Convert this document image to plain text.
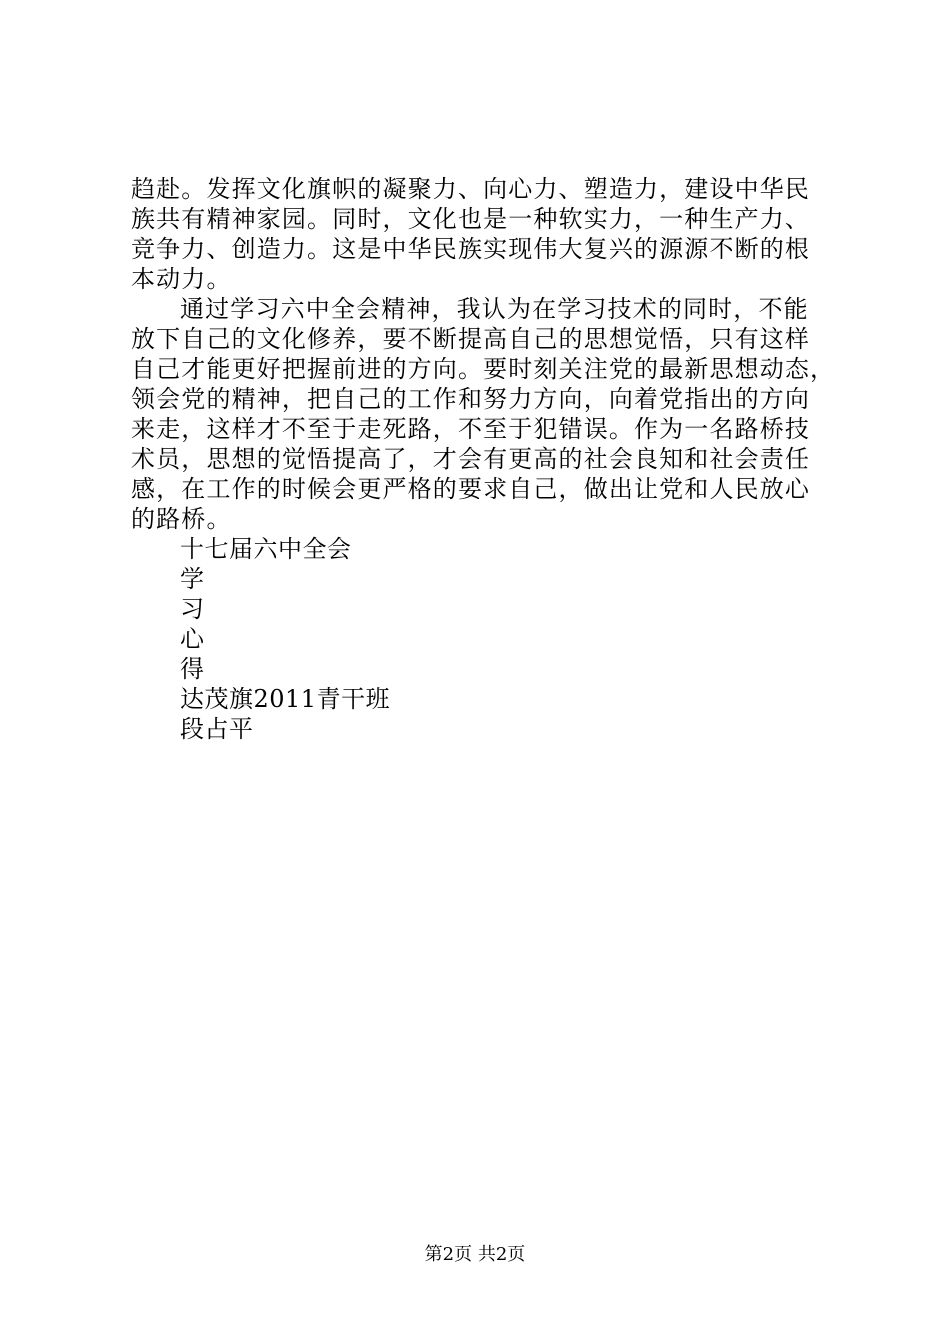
趋赴。发挥文化旗帜的凝聚力、向心力、塑造力，建设中华民
族共有精神家园。同时，文化也是一种软实力，一种生产力、
竞争力、创造力。这是中华民族实现伟大复兴的源源不断的根
本动力。
通过学习六中全会精神，我认为在学习技术的同时，不能
放下自己的文化修养，要不断提高自己的思想觉悟，只有这样
自己才能更好把握前进的方向。要时刻关注党的最新思想动态，
领会党的精神，把自己的工作和努力方向，向着党指出的方向
来走，这样才不至于走死路，不至于犯错误。作为一名路桥技
术员，思想的觉悟提高了，才会有更高的社会良知和社会责任
感，在工作的时候会更严格的要求自己，做出让党和人民放心
的路桥。
十七届六中全会
学
习
心
得
达茂旗2011青干班
段占平
第2页 共2页
